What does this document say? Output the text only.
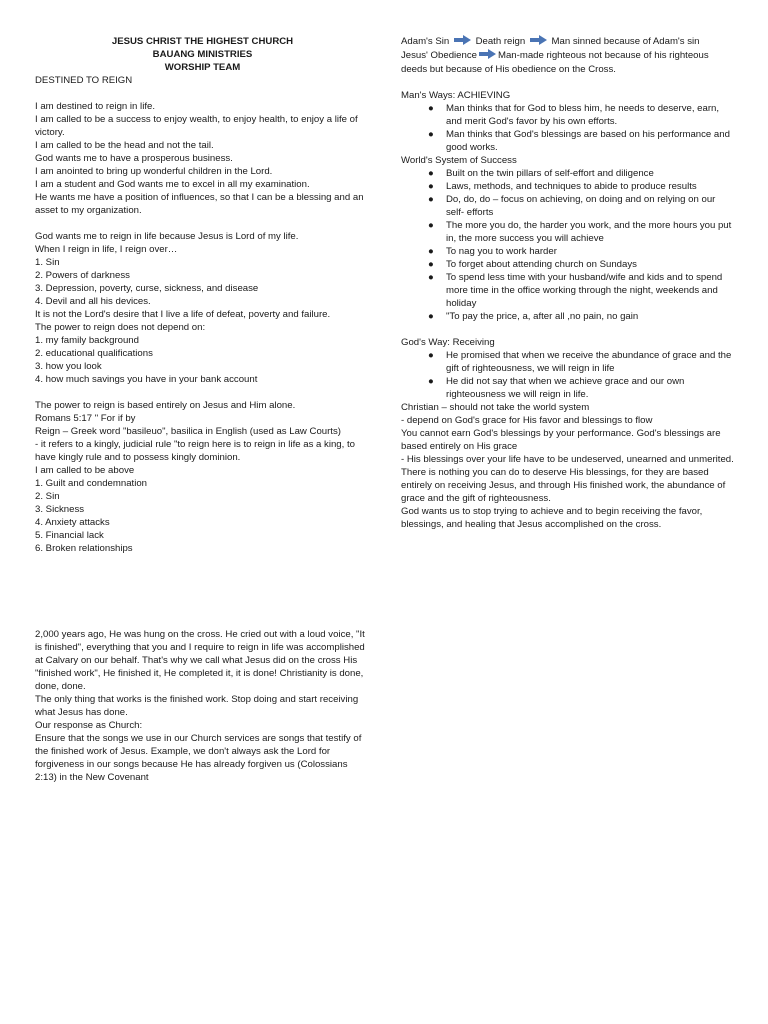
JESUS CHRIST THE HIGHEST CHURCH
BAUANG MINISTRIES
WORSHIP TEAM
DESTINED TO REIGN
I am destined to reign in life.
I am called to be a success to enjoy wealth, to enjoy health, to enjoy a life of victory.
I am called to be the head and not the tail.
God wants me to have a prosperous business.
I am anointed to bring up wonderful children in the Lord.
I am a student and God wants me to excel in all my examination.
He wants me have a position of influences, so that I can be a blessing and an asset to my organization.
God wants me to reign in life because Jesus is Lord of my life.
When I reign in life, I reign over…
1. Sin
2. Powers of darkness
3. Depression, poverty, curse, sickness, and disease
4. Devil and all his devices.
It is not the Lord's desire that I live a life of defeat, poverty and failure.
The power to reign does not depend on:
1. my family background
2. educational qualifications
3. how you look
4. how much savings you have in your bank account
The power to reign is based entirely on Jesus and Him alone.
Romans 5:17 " For if by
Reign – Greek word "basileuo", basilica in English (used as Law Courts)
- it refers to a kingly, judicial rule "to reign here is to reign in life as a king, to have kingly rule and to possess kingly dominion.
I am called to be above
1. Guilt and condemnation
2. Sin
3. Sickness
4. Anxiety attacks
5. Financial lack
6. Broken relationships
2,000 years ago, He was hung on the cross. He cried out with a loud voice, "It is finished", everything that you and I require to reign in life was accomplished at Calvary on our behalf. That's why we call what Jesus did on the cross His "finished work", He finished it, He completed it, it is done! Christianity is done, done, done.
The only thing that works is the finished work. Stop doing and start receiving what Jesus has done.
Our response as Church:
Ensure that the songs we use in our Church services are songs that testify of the finished work of Jesus. Example, we don't always ask the Lord for forgiveness in our songs because He has already forgiven us (Colossians 2:13) in the New Covenant
Adam's Sin	Death reign	Man sinned because of Adam's sin
Jesus' Obedience Man-made righteous not because of his righteous deeds but because of His obedience on the Cross.
Man's Ways: ACHIEVING
● Man thinks that for God to bless him, he needs to deserve, earn, and merit God's favor by his own efforts.
● Man thinks that God's blessings are based on his performance and good works.
World's System of Success
● Built on the twin pillars of self-effort and diligence
● Laws, methods, and techniques to abide to produce results
● Do, do, do – focus on achieving, on doing and on relying on our self- efforts
● The more you do, the harder you work, and the more hours you put in, the more success you will achieve
● To nag you to work harder
● To forget about attending church on Sundays
● To spend less time with your husband/wife and kids and to spend more time in the office working through the night, weekends and holiday
● "To pay the price, a, after all ,no pain, no gain
God's Way: Receiving
● He promised that when we receive the abundance of grace and the gift of righteousness, we will reign in life
● He did not say that when we achieve grace and our own righteousness we will reign in life.
Christian – should not take the world system
- depend on God's grace for His favor and blessings to flow
You cannot earn God's blessings by your performance. God's blessings are based entirely on His grace
- His blessings over your life have to be undeserved, unearned and unmerited.
There is nothing you can do to deserve His blessings, for they are based entirely on receiving Jesus, and through His finished work, the abundance of grace and the gift of righteousness.
God wants us to stop trying to achieve and to begin receiving the favor, blessings, and healing that Jesus accomplished on the cross.
